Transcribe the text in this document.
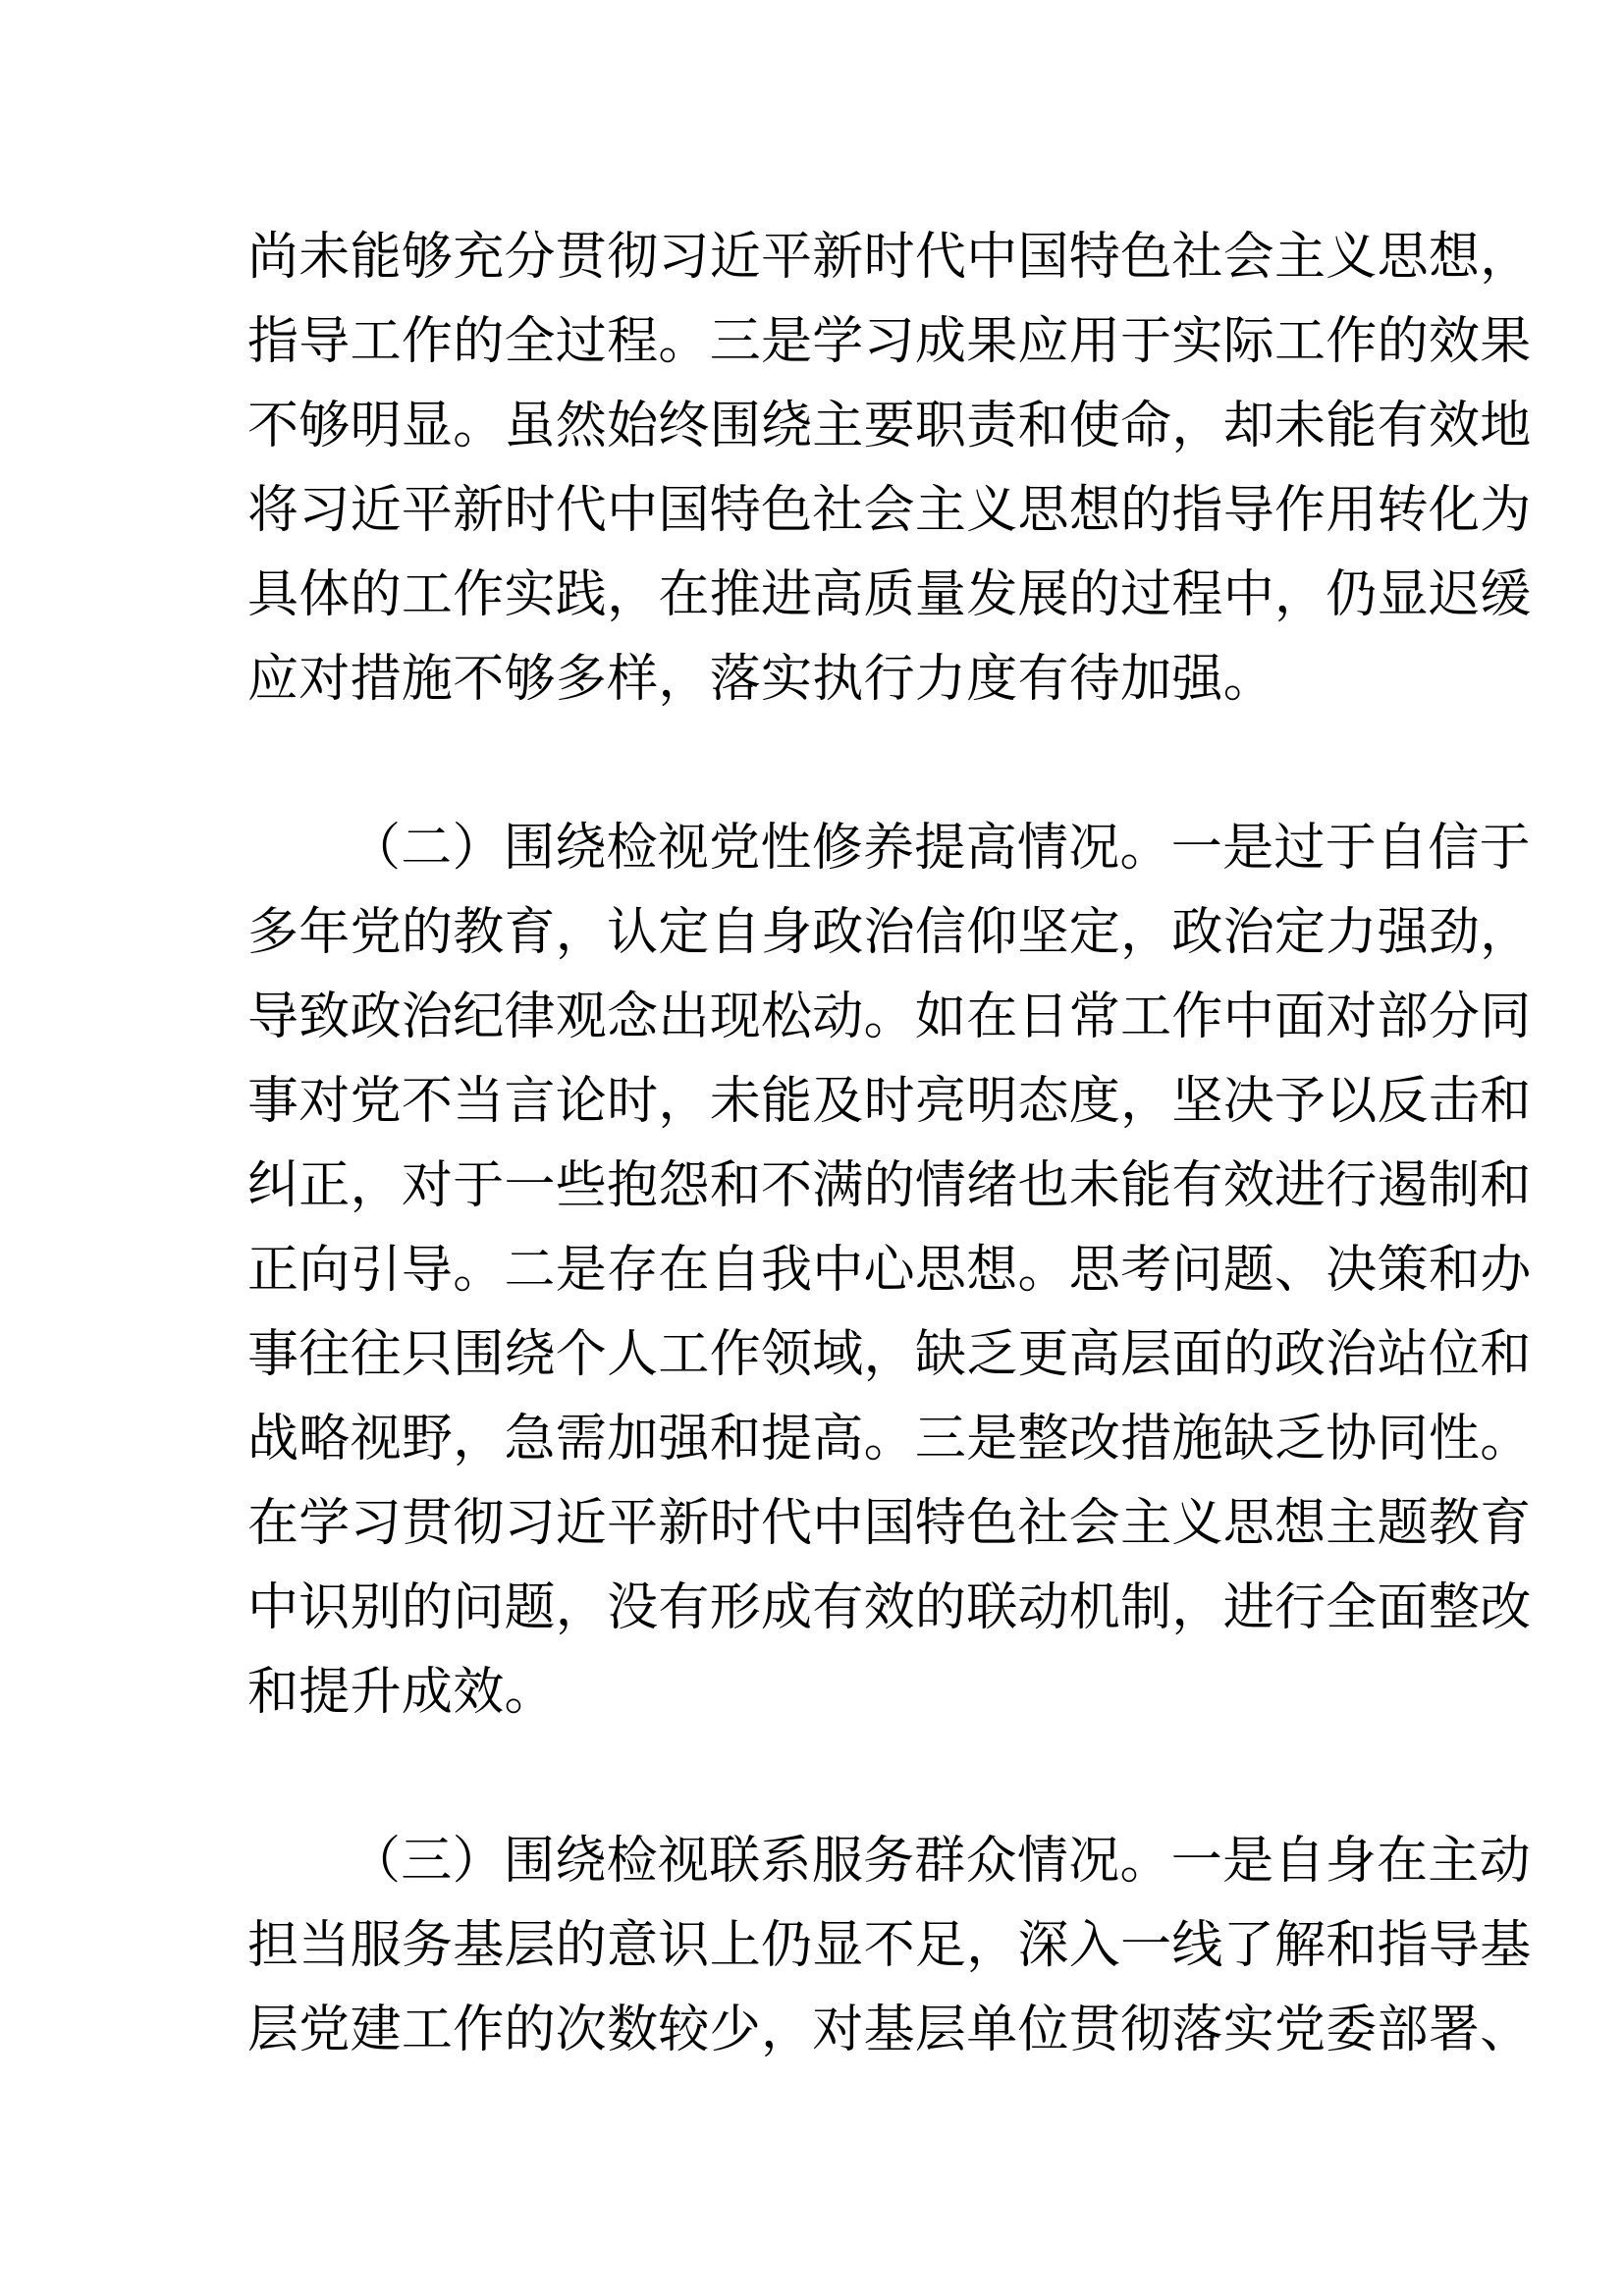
尚未能够充分贯彻习近平新时代中国特色社会主义思想，
指导工作的全过程。三是学习成果应用于实际工作的效果
不够明显。虽然始终围绕主要职责和使命，却未能有效地
将习近平新时代中国特色社会主义思想的指导作用转化为
具体的工作实践，在推进高质量发展的过程中，仍显迟缓
应对措施不够多样，落实执行力度有待加强。

（二）围绕检视党性修养提高情况。一是过于自信于
多年党的教育，认定自身政治信仰坚定，政治定力强劲，
导致政治纪律观念出现松动。如在日常工作中面对部分同
事对党不当言论时，未能及时亮明态度，坚决予以反击和
纠正，对于一些抱怨和不满的情绪也未能有效进行遏制和
正向引导。二是存在自我中心思想。思考问题、决策和办
事往往只围绕个人工作领域，缺乏更高层面的政治站位和
战略视野，急需加强和提高。三是整改措施缺乏协同性。
在学习贯彻习近平新时代中国特色社会主义思想主题教育
中识别的问题，没有形成有效的联动机制，进行全面整改
和提升成效。

（三）围绕检视联系服务群众情况。一是自身在主动
担当服务基层的意识上仍显不足，深入一线了解和指导基
层党建工作的次数较少，对基层单位贯彻落实党委部署、
